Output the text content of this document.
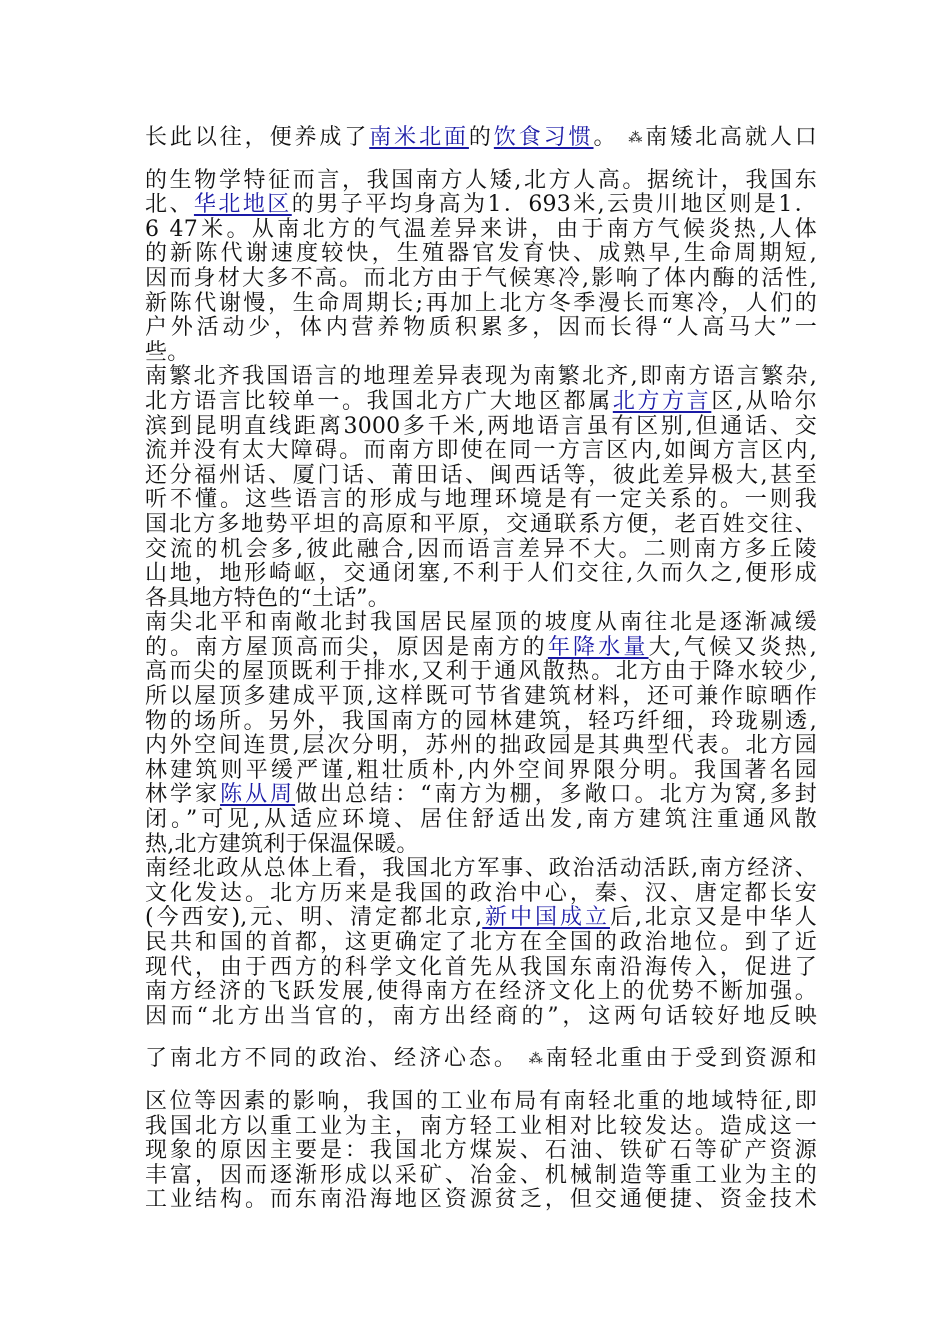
长此以往，便养成了南米北面的饮食习惯。 ⁂南矮北高就人口
的生物学特征而言，我国南方人矮,北方人高。据统计，我国东
北、华北地区的男子平均身高为1．693米,云贵川地区则是1．
6 47米。从南北方的气温差异来讲，由于南方气候炎热,人体
的新陈代谢速度较快，生殖器官发育快、成熟早,生命周期短,
因而身材大多不高。而北方由于气候寒冷,影响了体内酶的活性,
新陈代谢慢，生命周期长;再加上北方冬季漫长而寒冷，人们的
户外活动少，体内营养物质积累多，因而长得“人高马大”一
些。
南繁北齐我国语言的地理差异表现为南繁北齐,即南方语言繁杂,
北方语言比较单一。我国北方广大地区都属北方方言区,从哈尔
滨到昆明直线距离3000多千米,两地语言虽有区别,但通话、交
流并没有太大障碍。而南方即使在同一方言区内,如闽方言区内,
还分福州话、厦门话、莆田话、闽西话等，彼此差异极大,甚至
听不懂。这些语言的形成与地理环境是有一定关系的。一则我
国北方多地势平坦的高原和平原，交通联系方便，老百姓交往、
交流的机会多,彼此融合,因而语言差异不大。二则南方多丘陵
山地，地形崎岖，交通闭塞,不利于人们交往,久而久之,便形成
各具地方特色的“土话”。
南尖北平和南敞北封我国居民屋顶的坡度从南往北是逐渐减缓
的。南方屋顶高而尖，原因是南方的年降水量大,气候又炎热,
高而尖的屋顶既利于排水,又利于通风散热。北方由于降水较少,
所以屋顶多建成平顶,这样既可节省建筑材料，还可兼作晾晒作
物的场所。另外，我国南方的园林建筑，轻巧纤细，玲珑剔透,
内外空间连贯,层次分明，苏州的拙政园是其典型代表。北方园
林建筑则平缓严谨,粗壮质朴,内外空间界限分明。我国著名园
林学家陈从周做出总结：“南方为棚，多敞口。北方为窝,多封
闭。”可见,从适应环境、居住舒适出发,南方建筑注重通风散
热,北方建筑利于保温保暖。
南经北政从总体上看，我国北方军事、政治活动活跃,南方经济、
文化发达。北方历来是我国的政治中心，秦、汉、唐定都长安
(今西安),元、明、清定都北京,新中国成立后,北京又是中华人
民共和国的首都，这更确定了北方在全国的政治地位。到了近
现代，由于西方的科学文化首先从我国东南沿海传入，促进了
南方经济的飞跃发展,使得南方在经济文化上的优势不断加强。
因而“北方出当官的，南方出经商的”，这两句话较好地反映
了南北方不同的政治、经济心态。 ⁂南轻北重由于受到资源和
区位等因素的影响，我国的工业布局有南轻北重的地域特征,即
我国北方以重工业为主，南方轻工业相对比较发达。造成这一
现象的原因主要是：我国北方煤炭、石油、铁矿石等矿产资源
丰富，因而逐渐形成以采矿、冶金、机械制造等重工业为主的
工业结构。而东南沿海地区资源贫乏，但交通便捷、资金技术
